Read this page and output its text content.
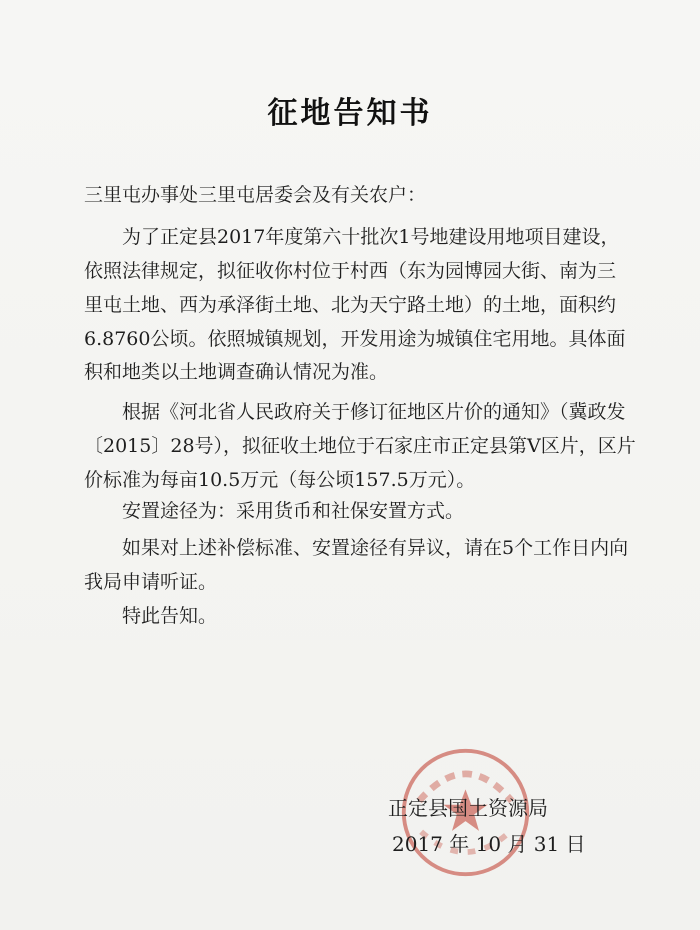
征地告知书
三里屯办事处三里屯居委会及有关农户：
为了正定县2017年度第六十批次1号地建设用地项目建设，
依照法律规定，拟征收你村位于村西（东为园博园大街、南为三
里屯土地、西为承泽街土地、北为天宁路土地）的土地，面积约
6.8760公顷。依照城镇规划，开发用途为城镇住宅用地。具体面
积和地类以土地调查确认情况为准。
根据《河北省人民政府关于修订征地区片价的通知》（冀政发
〔2015〕28号），拟征收土地位于石家庄市正定县第V区片，区片
价标准为每亩10.5万元（每公顷157.5万元）。
安置途径为：采用货币和社保安置方式。
如果对上述补偿标准、安置途径有异议，请在5个工作日内向
我局申请听证。
特此告知。
正定县国土资源局
2017 年 10 月 31 日
